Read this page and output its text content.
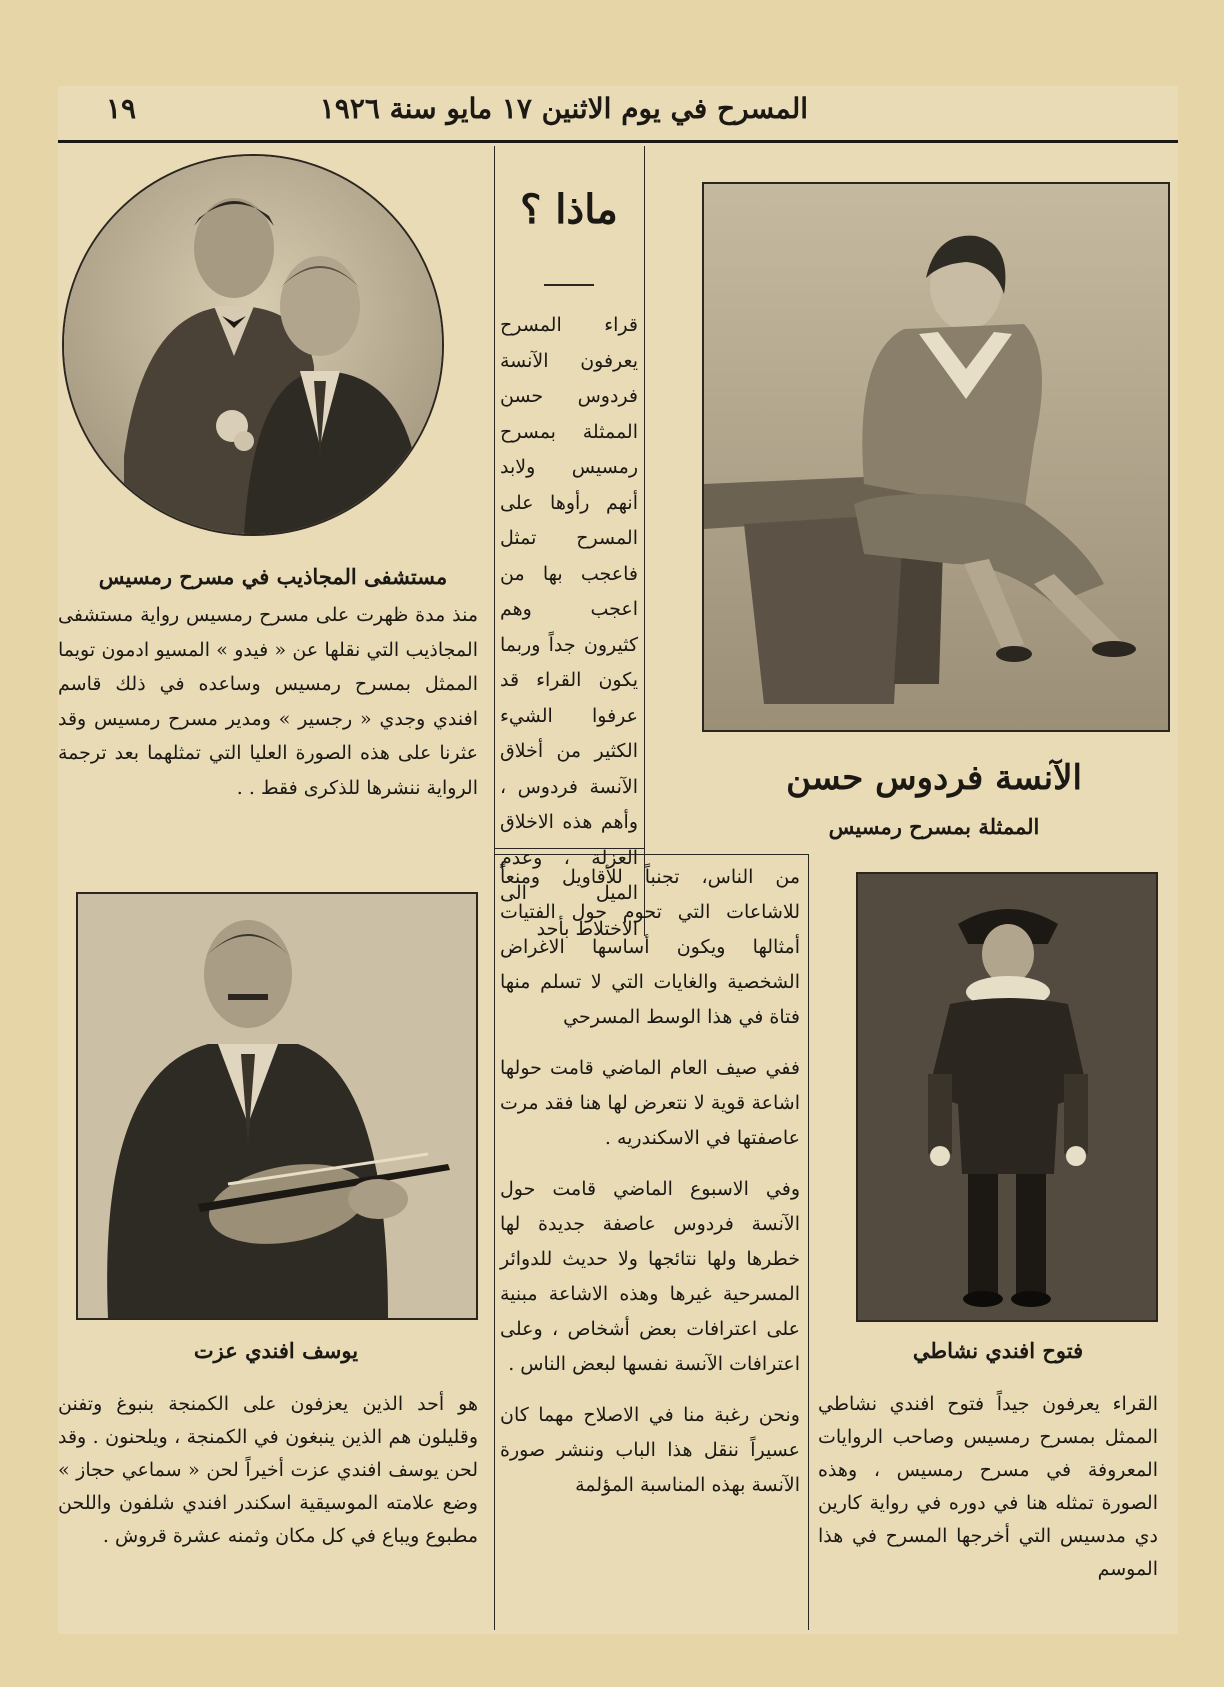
المسرح في يوم الاثنين ١٧ مايو سنة ١٩٢٦
١٩
مستشفى المجاذيب في مسرح رمسيس
منذ مدة ظهرت على مسرح رمسيس رواية مستشفى المجاذيب التي نقلها عن « فيدو » المسيو ادمون تويما الممثل بمسرح رمسيس وساعده في ذلك قاسم افندي وجدي « رجسير » ومدير مسرح رمسيس وقد عثرنا على هذه الصورة العليا التي تمثلهما بعد ترجمة الرواية ننشرها للذكرى فقط . .
ماذا ؟

قراء المسرح يعرفون الآنسة فردوس حسن الممثلة بمسرح رمسيس ولابد أنهم رأوها على المسرح تمثل فاعجب بها من اعجب وهم كثيرون جداً وربما يكون القراء قد عرفوا الشيء الكثير من أخلاق الآنسة فردوس ، وأهم هذه الاخلاق العزلة ، وعدم الميل الى الاختلاط بأحد

من الناس، تجنباً للأقاويل ومنعاً للاشاعات التي تحوم حول الفتيات أمثالها ويكون أساسها الاغراض الشخصية والغايات التي لا تسلم منها فتاة في هذا الوسط المسرحي

ففي صيف العام الماضي قامت حولها اشاعة قوية لا نتعرض لها هنا فقد مرت عاصفتها في الاسكندريه .

وفي الاسبوع الماضي قامت حول الآنسة فردوس عاصفة جديدة لها خطرها ولها نتائجها ولا حديث للدوائر المسرحية غيرها وهذه الاشاعة مبنية على اعترافات بعض أشخاص ، وعلى اعترافات الآنسة نفسها لبعض الناس .

ونحن رغبة منا في الاصلاح مهما كان عسيراً ننقل هذا الباب وننشر صورة الآنسة بهذه المناسبة المؤلمة

الآنسة فردوس حسن
الممثلة بمسرح رمسيس
يوسف افندي عزت
هو أحد الذين يعزفون على الكمنجة بنبوغ وتفنن وقليلون هم الذين ينبغون في الكمنجة ، ويلحنون . وقد لحن يوسف افندي عزت أخيراً لحن « سماعي حجاز » وضع علامته الموسيقية اسكندر افندي شلفون واللحن مطبوع ويباع في كل مكان وثمنه عشرة قروش .
فتوح افندي نشاطي
القراء يعرفون جيداً فتوح افندي نشاطي الممثل بمسرح رمسيس وصاحب الروايات المعروفة في مسرح رمسيس ، وهذه الصورة تمثله هنا في دوره في رواية كارين دي مدسيس التي أخرجها المسرح في هذا الموسم
